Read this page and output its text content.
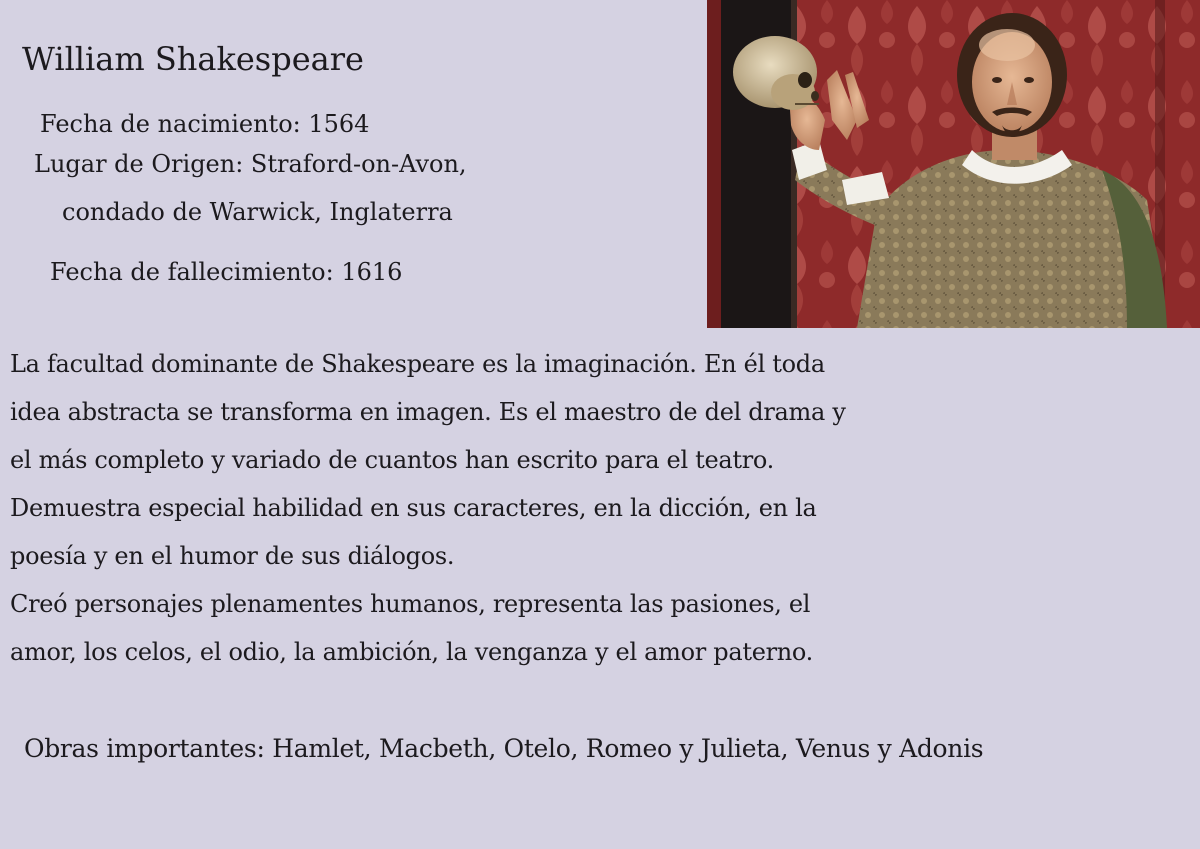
William Shakespeare

Fecha de nacimiento: 1564

Lugar de Origen: Straford-on-Avon,

condado de Warwick, Inglaterra

Fecha de fallecimiento: 1616

La facultad dominante de Shakespeare es la imaginación. En él toda
idea abstracta se transforma en imagen. Es el maestro de del drama y
el más completo y variado de cuantos han escrito para el teatro.
Demuestra especial habilidad en sus caracteres, en la dicción, en la
poesía y en el humor de sus diálogos.
Creó personajes plenamentes humanos, representa las pasiones, el
amor, los celos, el odio, la ambición, la venganza y el amor paterno.

Obras importantes: Hamlet, Macbeth, Otelo, Romeo y Julieta, Venus y Adonis
